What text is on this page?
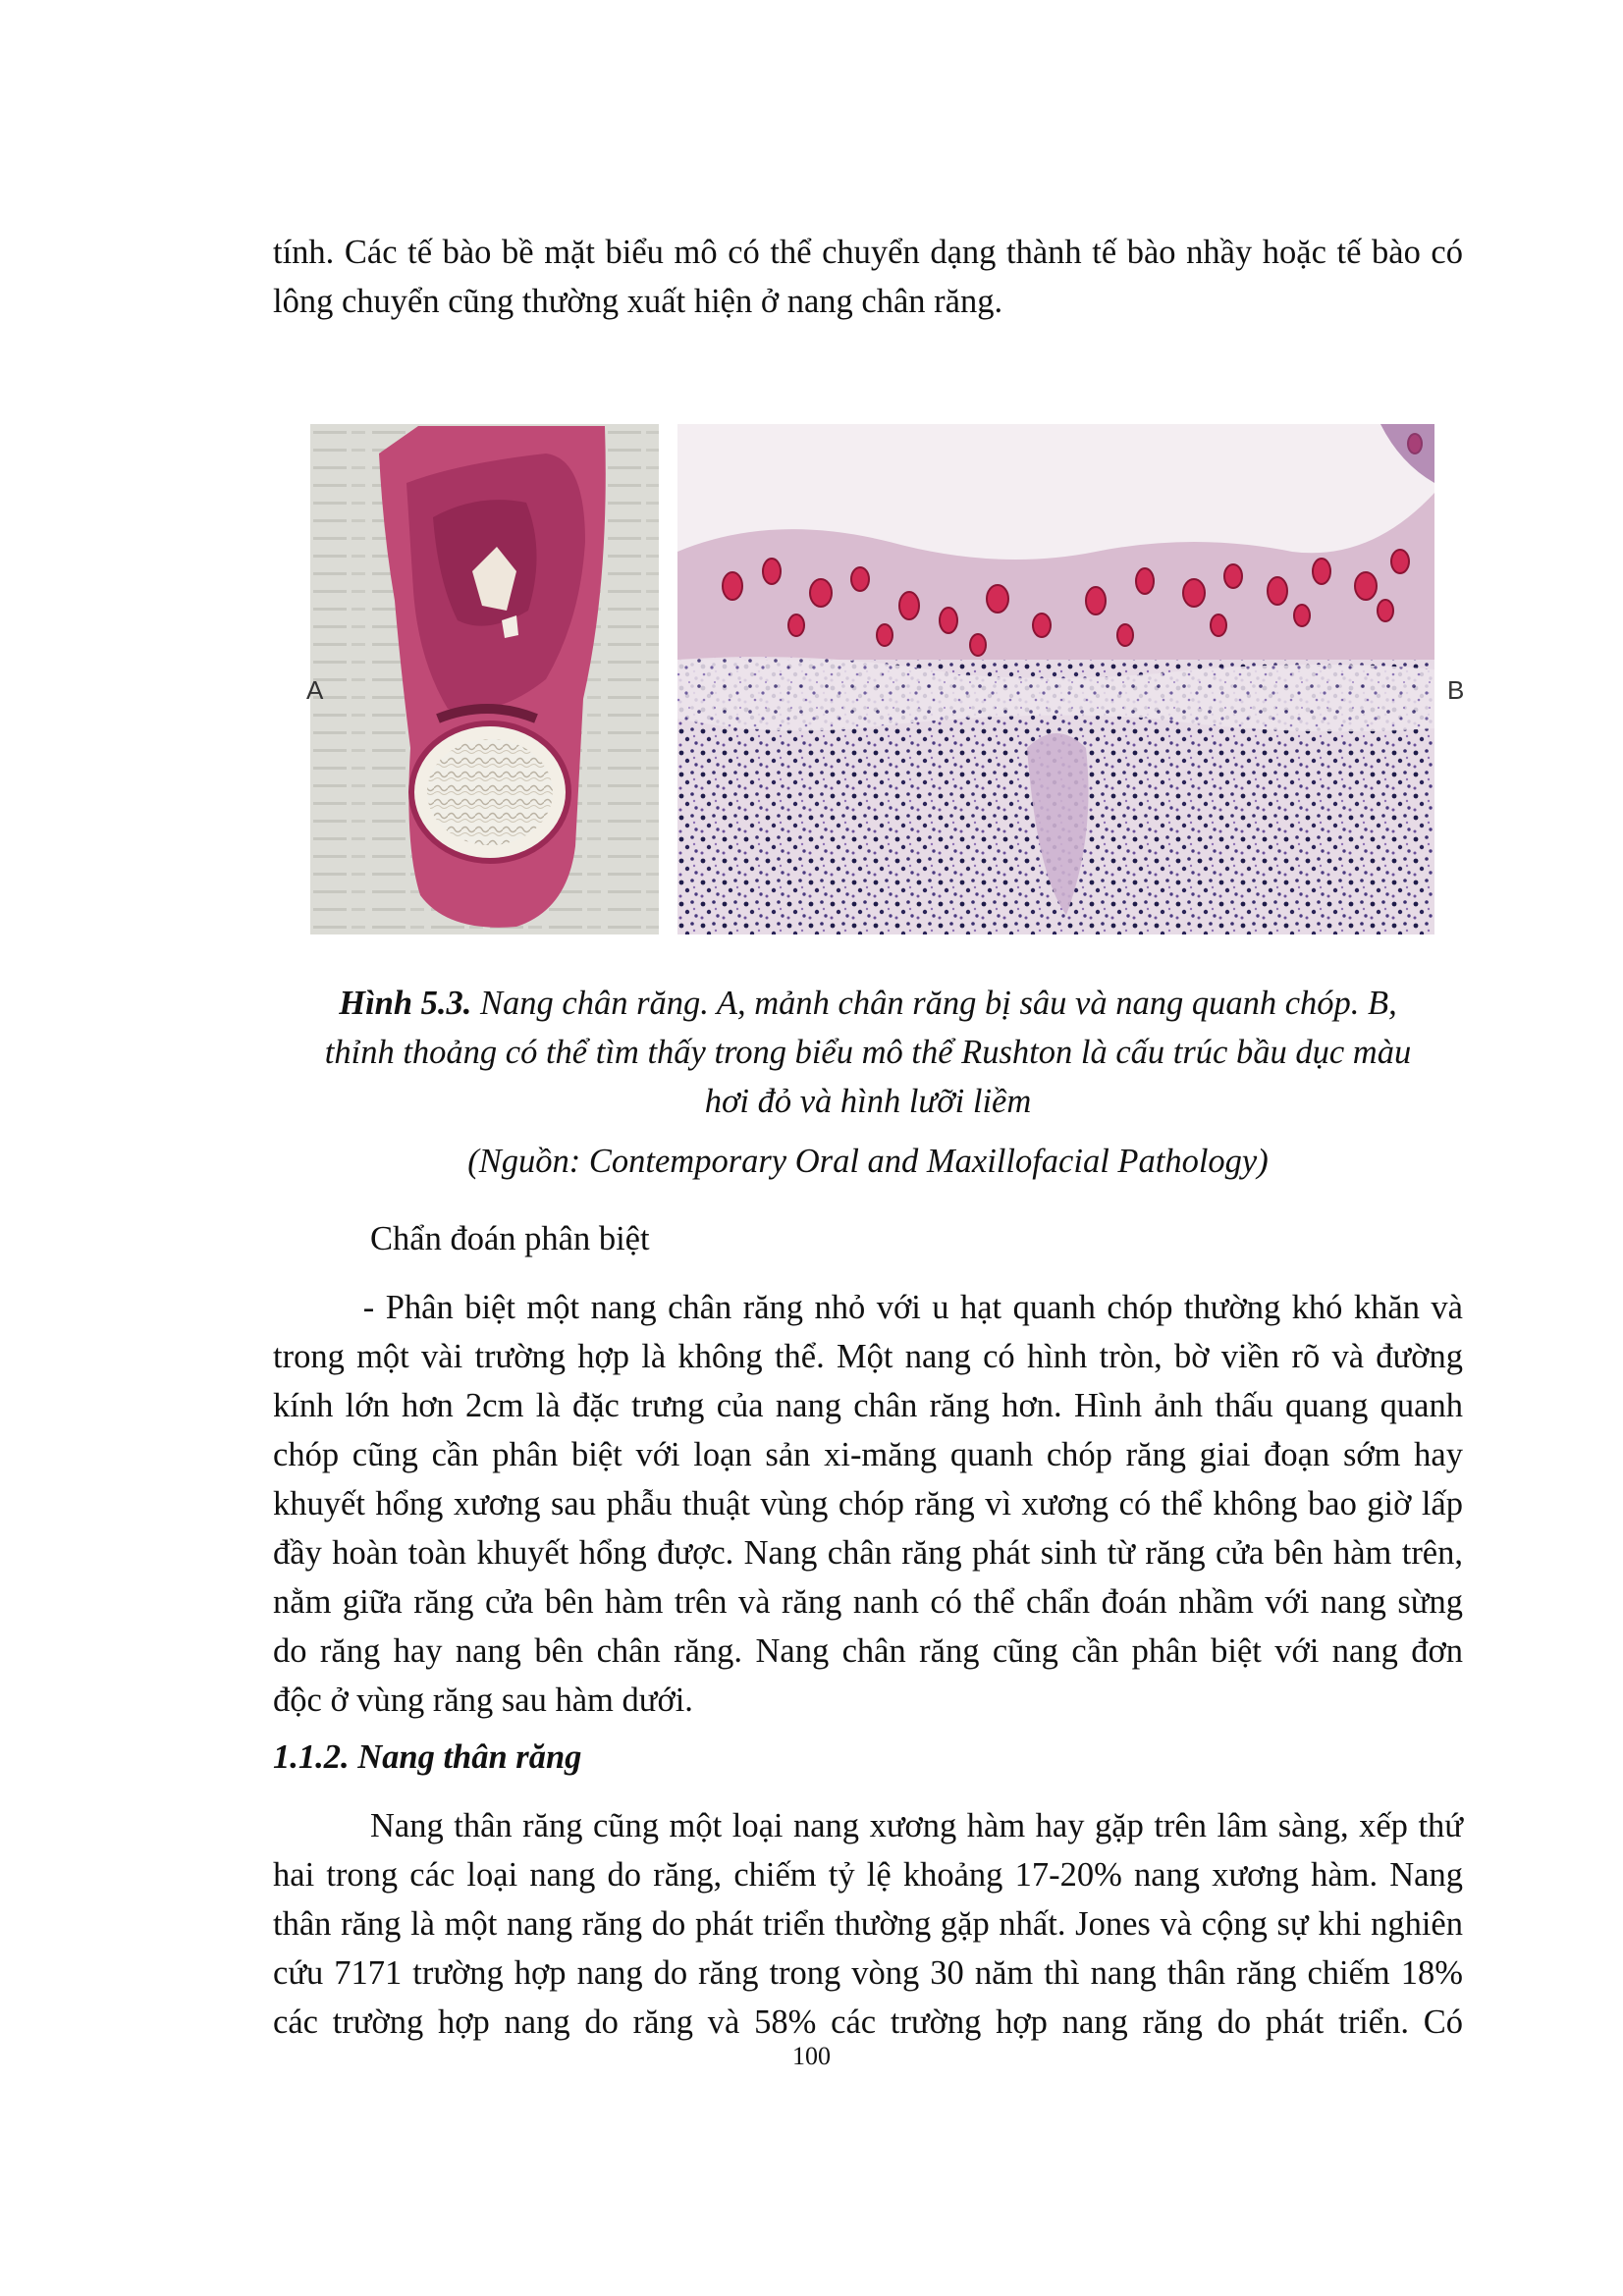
tính. Các tế bào bề mặt biểu mô có thể chuyển dạng thành tế bào nhầy hoặc tế bào có
lông chuyển cũng thường xuất hiện ở nang chân răng.
A	B
Hình 5.3. Nang chân răng. A, mảnh chân răng bị sâu và nang quanh chóp. B,
thỉnh thoảng có thể tìm thấy trong biểu mô thể Rushton là cấu trúc bầu dục màu
hơi đỏ và hình lưỡi liềm
(Nguồn: Contemporary Oral and Maxillofacial Pathology)
Chẩn đoán phân biệt
- Phân biệt một nang chân răng nhỏ với u hạt quanh chóp thường khó khăn và
trong một vài trường hợp là không thể. Một nang có hình tròn, bờ viền rõ và đường
kính lớn hơn 2cm là đặc trưng của nang chân răng hơn. Hình ảnh thấu quang quanh
chóp cũng cần phân biệt với loạn sản xi-măng quanh chóp răng giai đoạn sớm hay
khuyết hổng xương sau phẫu thuật vùng chóp răng vì xương có thể không bao giờ lấp
đầy hoàn toàn khuyết hổng được. Nang chân răng phát sinh từ răng cửa bên hàm trên,
nằm giữa răng cửa bên hàm trên và răng nanh có thể chẩn đoán nhầm với nang sừng
do răng hay nang bên chân răng. Nang chân răng cũng cần phân biệt với nang đơn
độc ở vùng răng sau hàm dưới.
1.1.2. Nang thân răng
Nang thân răng cũng một loại nang xương hàm hay gặp trên lâm sàng, xếp thứ
hai trong các loại nang do răng, chiếm tỷ lệ khoảng 17-20% nang xương hàm. Nang
thân răng là một nang răng do phát triển thường gặp nhất. Jones và cộng sự khi nghiên
cứu 7171 trường hợp nang do răng trong vòng 30 năm thì nang thân răng chiếm 18%
các trường hợp nang do răng và 58% các trường hợp nang răng do phát triển. Có
100
